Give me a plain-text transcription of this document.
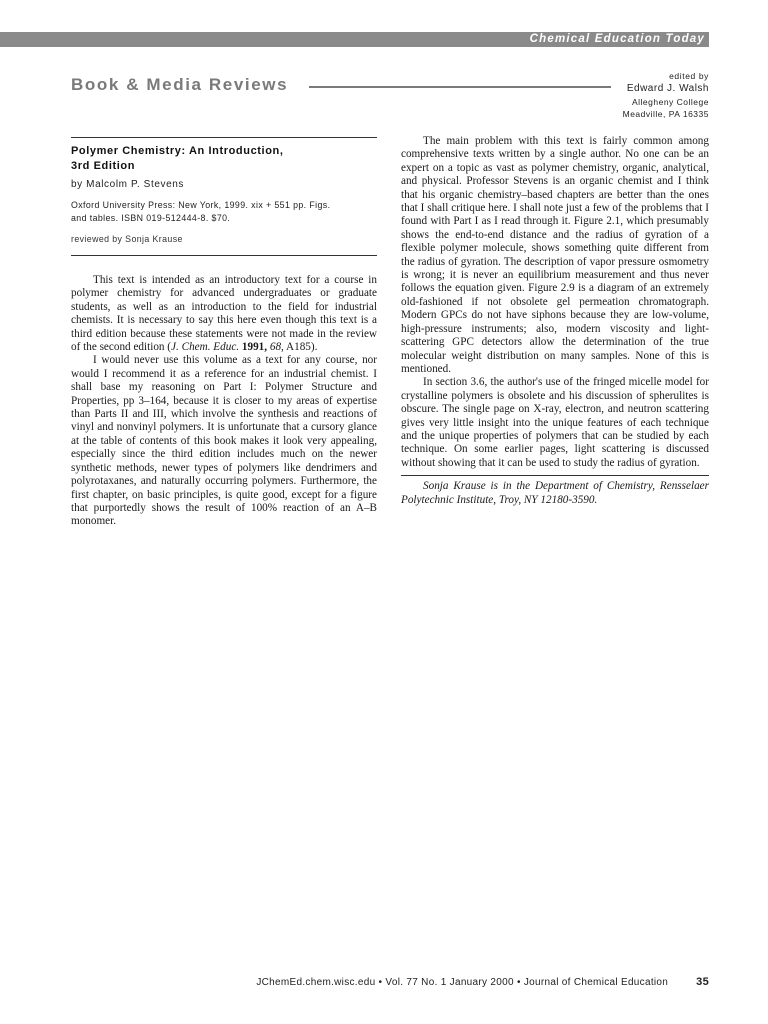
Chemical Education Today
Book & Media Reviews	edited by
Edward J. Walsh
Allegheny College
Meadville, PA 16335
Polymer Chemistry: An Introduction,
3rd Edition
by Malcolm P. Stevens
Oxford University Press: New York, 1999. xix + 551 pp. Figs.
and tables. ISBN 019-512444-8. $70.
reviewed by Sonja Krause

This text is intended as an introductory text for a course in polymer chemistry for advanced undergraduates or graduate students, as well as an introduction to the field for industrial chemists. It is necessary to say this here even though this text is a third edition because these statements were not made in the review of the second edition (J. Chem. Educ. 1991, 68, A185).

I would never use this volume as a text for any course, nor would I recommend it as a reference for an industrial chemist. I shall base my reasoning on Part I: Polymer Structure and Properties, pp 3–164, because it is closer to my areas of expertise than Parts II and III, which involve the synthesis and reactions of vinyl and nonvinyl polymers. It is unfortunate that a cursory glance at the table of contents of this book makes it look very appealing, especially since the third edition includes much on the newer synthetic methods, newer types of polymers like dendrimers and polyrotaxanes, and naturally occurring polymers. Furthermore, the first chapter, on basic principles, is quite good, except for a figure that purportedly shows the result of 100% reaction of an A–B monomer.

The main problem with this text is fairly common among comprehensive texts written by a single author. No one can be an expert on a topic as vast as polymer chemistry, organic, analytical, and physical. Professor Stevens is an organic chemist and I think that his organic chemistry–based chapters are better than the ones that I shall critique here. I shall note just a few of the problems that I found with Part I as I read through it. Figure 2.1, which presumably shows the end-to-end distance and the radius of gyration of a flexible polymer molecule, shows something quite different from the radius of gyration. The description of vapor pressure osmometry is wrong; it is never an equilibrium measurement and thus never follows the equation given. Figure 2.9 is a diagram of an extremely old-fashioned if not obsolete gel permeation chromatograph. Modern GPCs do not have siphons because they are low-volume, high-pressure instruments; also, modern viscosity and light-scattering GPC detectors allow the determination of the true molecular weight distribution on many samples. None of this is mentioned.

In section 3.6, the author's use of the fringed micelle model for crystalline polymers is obsolete and his discussion of spherulites is obscure. The single page on X-ray, electron, and neutron scattering gives very little insight into the unique features of each technique and the unique properties of polymers that can be studied by each technique. On some earlier pages, light scattering is discussed without showing that it can be used to study the radius of gyration.

Sonja Krause is in the Department of Chemistry, Rensselaer Polytechnic Institute, Troy, NY 12180-3590.

JChemEd.chem.wisc.edu • Vol. 77 No. 1 January 2000 • Journal of Chemical Education	35
